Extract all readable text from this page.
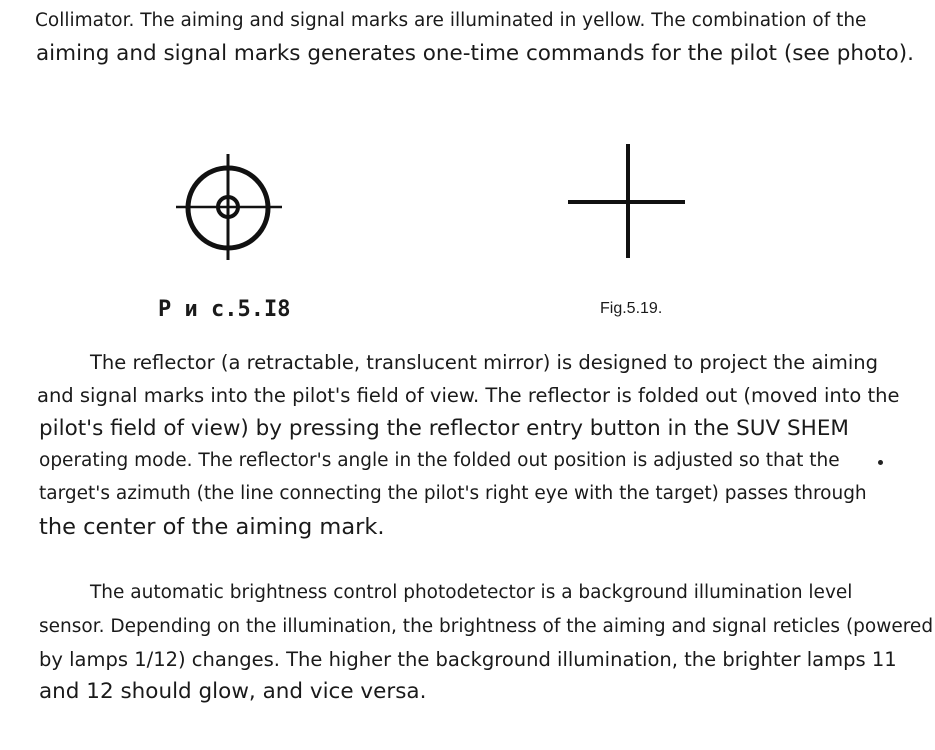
Collimator. The aiming and signal marks are illuminated in yellow. The combination of the
aiming and signal marks generates one-time commands for the pilot (see photo).
Р и с.5.I8	Fig.5.19.
The reflector (a retractable, translucent mirror) is designed to project the aiming
and signal marks into the pilot's field of view. The reflector is folded out (moved into the
pilot's field of view) by pressing the reflector entry button in the SUV SHEM
operating mode. The reflector's angle in the folded out position is adjusted so that the
target's azimuth (the line connecting the pilot's right eye with the target) passes through
the center of the aiming mark.
The automatic brightness control photodetector is a background illumination level
sensor. Depending on the illumination, the brightness of the aiming and signal reticles (powered
by lamps 1/12) changes. The higher the background illumination, the brighter lamps 11
and 12 should glow, and vice versa.
